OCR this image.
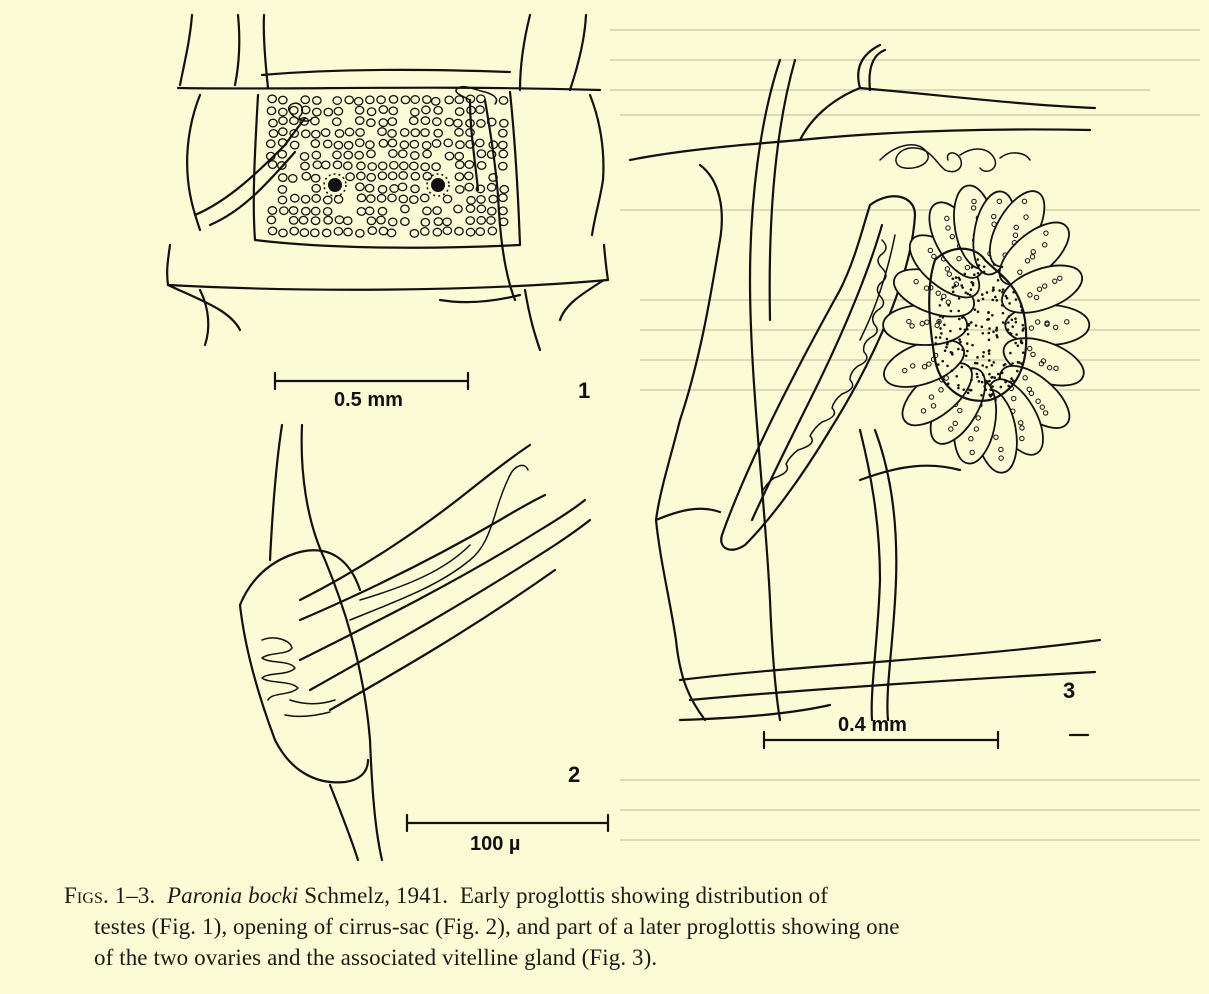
0.5 mm	1
100 µ
2
0.4 mm
3
Figs. 1–3. Paronia bocki Schmelz, 1941. Early proglottis showing distribution of
testes (Fig. 1), opening of cirrus-sac (Fig. 2), and part of a later proglottis showing one
of the two ovaries and the associated vitelline gland (Fig. 3).
